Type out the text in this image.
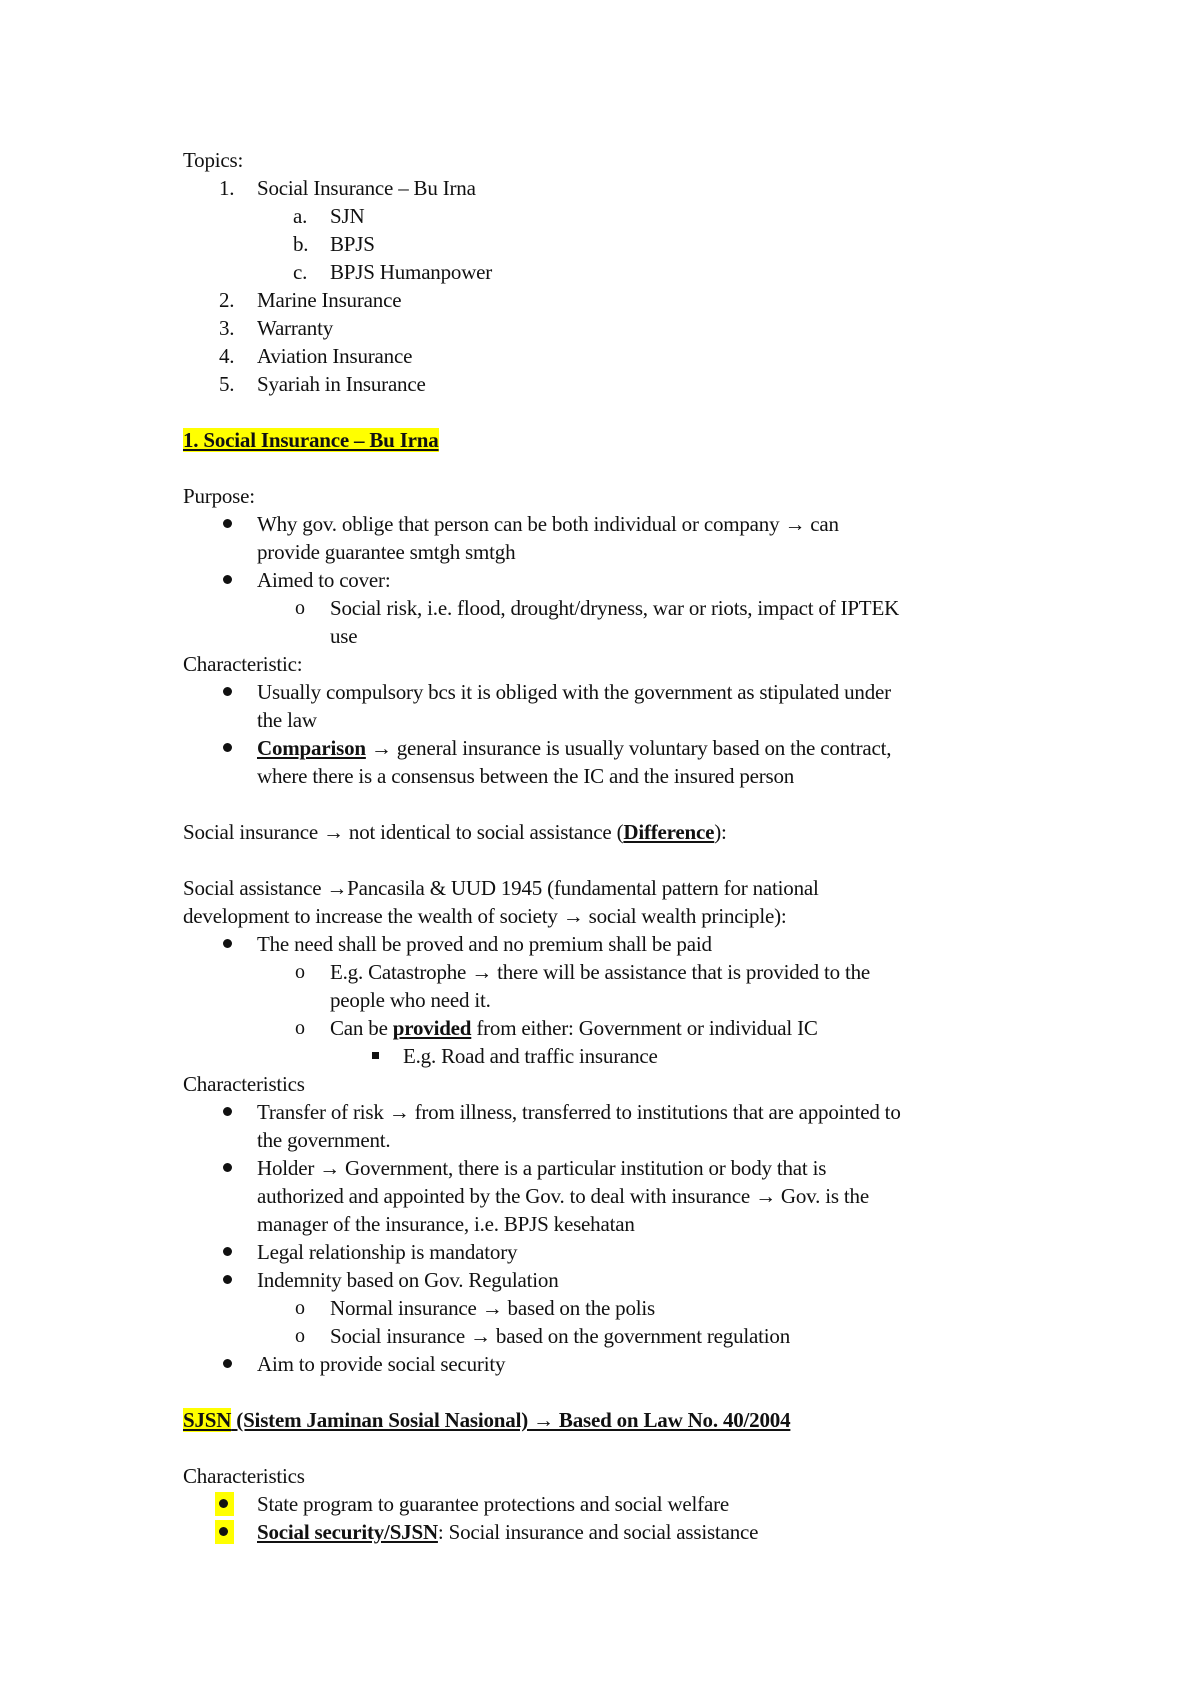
Topics:
1.	Social Insurance – Bu Irna
a.	SJN
b.	BPJS
c.	BPJS Humanpower
2.	Marine Insurance
3.	Warranty
4.	Aviation Insurance
5.	Syariah in Insurance
1. Social Insurance – Bu Irna
Purpose:
Why gov. oblige that person can be both individual or company → can
provide guarantee smtgh smtgh
Aimed to cover:
o	Social risk, i.e. flood, drought/dryness, war or riots, impact of IPTEK
use
Characteristic:
Usually compulsory bcs it is obliged with the government as stipulated under
the law
Comparison → general insurance is usually voluntary based on the contract,
where there is a consensus between the IC and the insured person
Social insurance → not identical to social assistance (Difference):
Social assistance →Pancasila & UUD 1945 (fundamental pattern for national
development to increase the wealth of society → social wealth principle):
The need shall be proved and no premium shall be paid
o	E.g. Catastrophe → there will be assistance that is provided to the
people who need it.
o	Can be provided from either: Government or individual IC
E.g. Road and traffic insurance
Characteristics
Transfer of risk → from illness, transferred to institutions that are appointed to
the government.
Holder → Government, there is a particular institution or body that is
authorized and appointed by the Gov. to deal with insurance → Gov. is the
manager of the insurance, i.e. BPJS kesehatan
Legal relationship is mandatory
Indemnity based on Gov. Regulation
o	Normal insurance → based on the polis
o	Social insurance → based on the government regulation
Aim to provide social security
SJSN (Sistem Jaminan Sosial Nasional) → Based on Law No. 40/2004
Characteristics
State program to guarantee protections and social welfare
Social security/SJSN: Social insurance and social assistance
